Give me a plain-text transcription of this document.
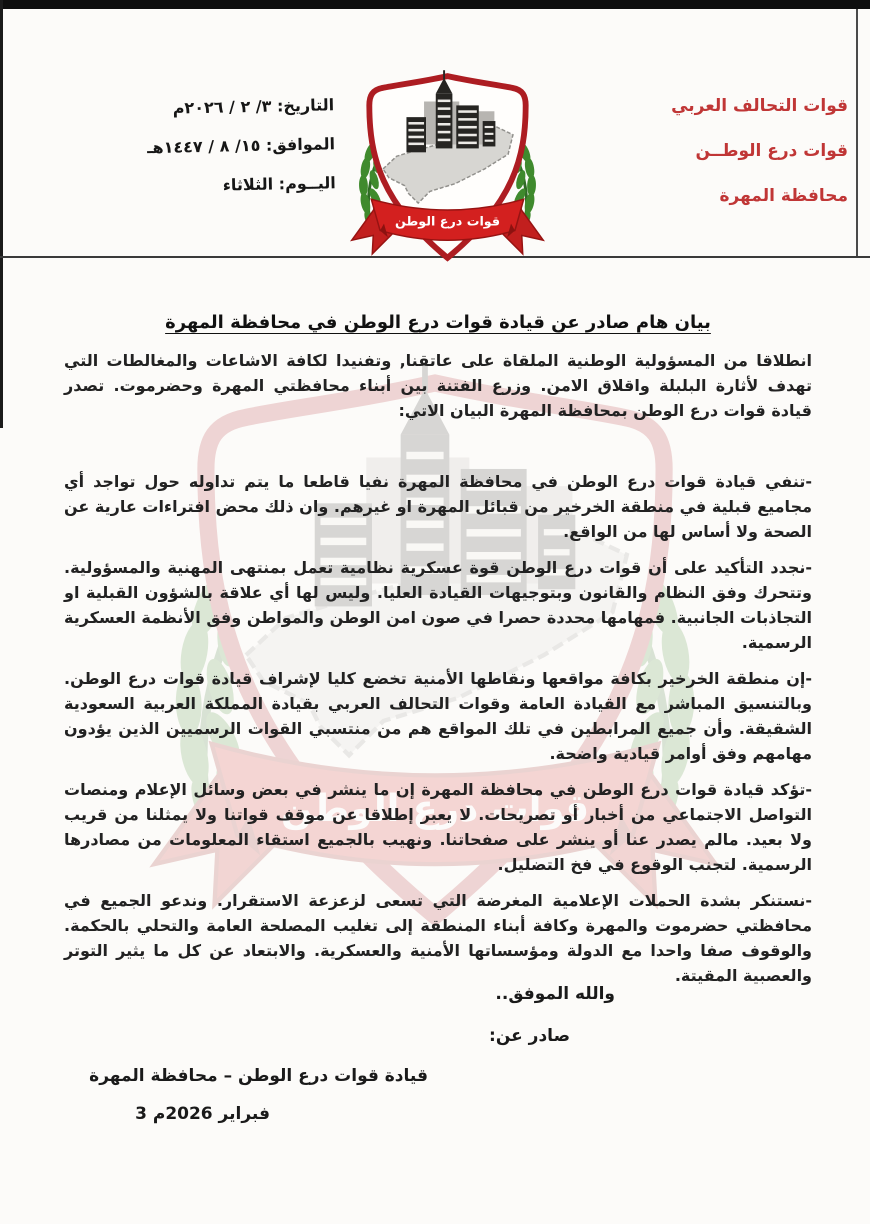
قوات التحالف العربي
قوات درع الوطــن
محافظة المهرة
التاريخ: ٣/ ٢ / ٢٠٢٦م
الموافق: ١٥/ ٨ / ١٤٤٧هـ
اليــوم: الثلاثاء
بيان هام صادر عن قيادة قوات درع الوطن في محافظة المهرة

انطلاقا من المسؤولية الوطنية الملقاة على عاتقنا, وتفنيدا لكافة الاشاعات والمغالطات التي تهدف لأثارة البلبلة واقلاق الامن. وزرع الفتنة بين أبناء محافظتي المهرة وحضرموت. تصدر قيادة قوات درع الوطن بمحافظة المهرة البيان الاتي:

-تنفي قيادة قوات درع الوطن في محافظة المهرة نفيا قاطعا ما يتم تداوله حول تواجد أي مجاميع قبلية في منطقة الخرخير من قبائل المهرة او غيرهم. وان ذلك محض افتراءات عارية عن الصحة ولا أساس لها من الواقع.

-نجدد التأكيد على أن قوات درع الوطن قوة عسكرية نظامية تعمل بمنتهى المهنية والمسؤولية. وتتحرك وفق النظام والقانون وبتوجيهات القيادة العليا. وليس لها أي علاقة بالشؤون القبلية او التجاذبات الجانبية. فمهامها محددة حصرا في صون امن الوطن والمواطن وفق الأنظمة العسكرية الرسمية.

-إن منطقة الخرخير بكافة مواقعها ونقاطها الأمنية تخضع كليا لإشراف قيادة قوات درع الوطن. وبالتنسيق المباشر مع القيادة العامة وقوات التحالف العربي بقيادة المملكة العربية السعودية الشقيقة. وأن جميع المرابطين في تلك المواقع هم من منتسبي القوات الرسميين الذين يؤدون مهامهم وفق أوامر قيادية واضحة.

-تؤكد قيادة قوات درع الوطن في محافظة المهرة إن ما ينشر في بعض وسائل الإعلام ومنصات التواصل الاجتماعي من أخبار أو تصريحات. لا يعبر إطلاقا عن موقف قواتنا ولا يمثلنا من قريب ولا بعيد. مالم يصدر عنا أو ينشر على صفحاتنا. ونهيب بالجميع استقاء المعلومات من مصادرها الرسمية. لتجنب الوقوع في فخ التضليل.

-نستنكر بشدة الحملات الإعلامية المغرضة التي تسعى لزعزعة الاستقرار. وندعو الجميع في محافظتي حضرموت والمهرة وكافة أبناء المنطقة إلى تغليب المصلحة العامة والتحلي بالحكمة. والوقوف صفا واحدا مع الدولة ومؤسساتها الأمنية والعسكرية. والابتعاد عن كل ما يثير التوتر والعصبية المقيتة.

والله الموفق..
صادر عن:
قيادة قوات درع الوطن – محافظة المهرة
3 فبراير 2026م
